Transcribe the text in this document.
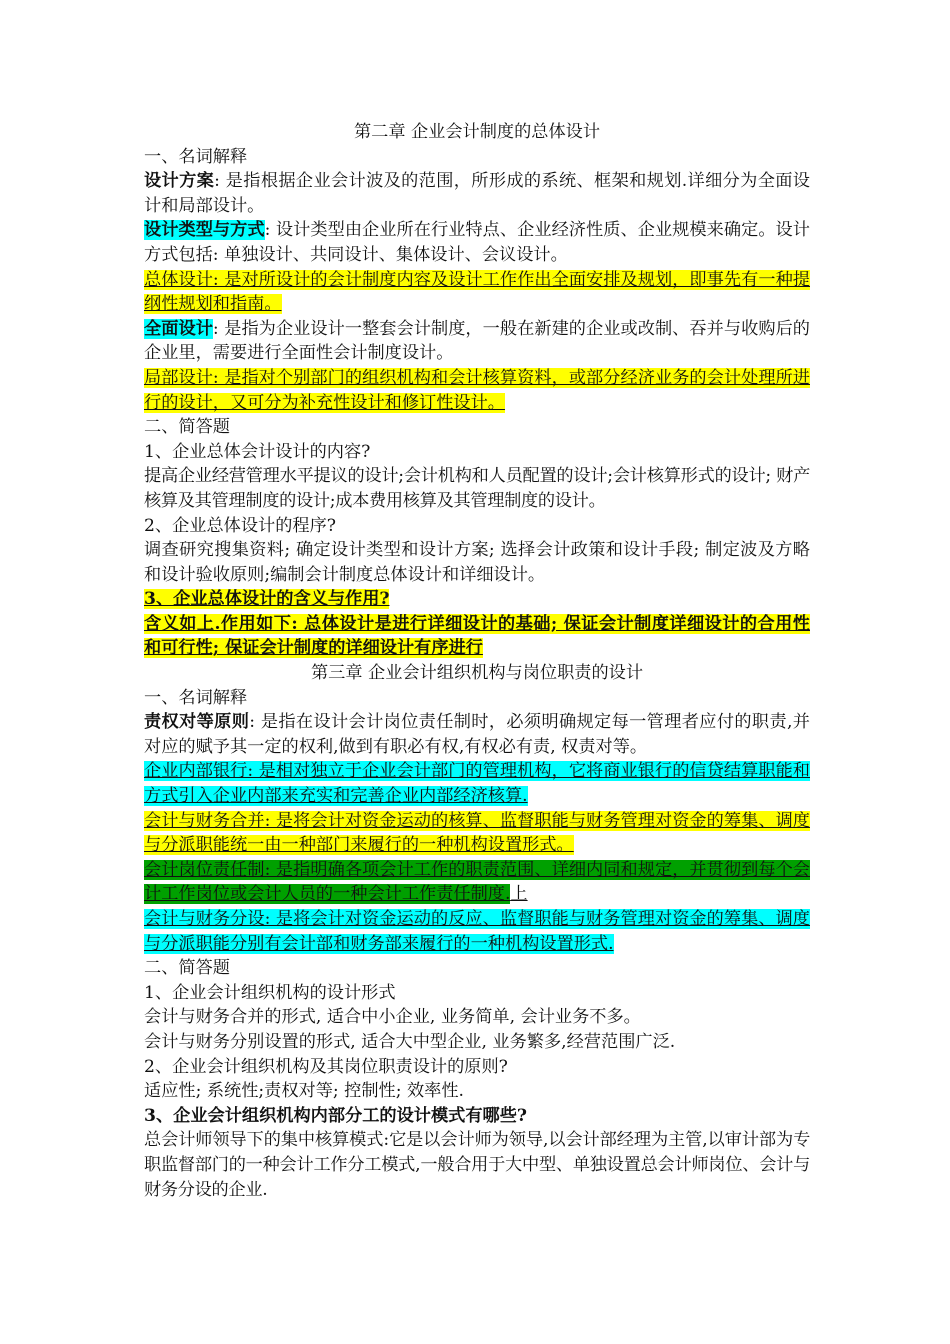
第二章 企业会计制度的总体设计

一、名词解释

设计方案: 是指根据企业会计波及的范围，所形成的系统、框架和规划.详细分为全面设计和局部设计。

设计类型与方式: 设计类型由企业所在行业特点、企业经济性质、企业规模来确定。设计方式包括: 单独设计、共同设计、集体设计、会议设计。

总体设计: 是对所设计的会计制度内容及设计工作作出全面安排及规划，即事先有一种提纲性规划和指南。

全面设计: 是指为企业设计一整套会计制度，一般在新建的企业或改制、吞并与收购后的企业里，需要进行全面性会计制度设计。

局部设计: 是指对个别部门的组织机构和会计核算资料，或部分经济业务的会计处理所进行的设计，又可分为补充性设计和修订性设计。

二、简答题

1、企业总体会计设计的内容?

提高企业经营管理水平提议的设计;会计机构和人员配置的设计;会计核算形式的设计; 财产核算及其管理制度的设计;成本费用核算及其管理制度的设计。

2、企业总体设计的程序?

调查研究搜集资料; 确定设计类型和设计方案; 选择会计政策和设计手段; 制定波及方略和设计验收原则;编制会计制度总体设计和详细设计。

3、企业总体设计的含义与作用?

含义如上.作用如下: 总体设计是进行详细设计的基础; 保证会计制度详细设计的合用性和可行性; 保证会计制度的详细设计有序进行

第三章 企业会计组织机构与岗位职责的设计

一、名词解释

责权对等原则: 是指在设计会计岗位责任制时，必须明确规定每一管理者应付的职责,并对应的赋予其一定的权利,做到有职必有权,有权必有责, 权责对等。

企业内部银行: 是相对独立于企业会计部门的管理机构，它将商业银行的信贷结算职能和方式引入企业内部来充实和完善企业内部经济核算.

会计与财务合并: 是将会计对资金运动的核算、监督职能与财务管理对资金的筹集、调度与分派职能统一由一种部门来履行的一种机构设置形式。

会计岗位责任制: 是指明确各项会计工作的职责范围、详细内同和规定，并贯彻到每个会计工作岗位或会计人员的一种会计工作责任制度.上

会计与财务分设: 是将会计对资金运动的反应、监督职能与财务管理对资金的筹集、调度与分派职能分别有会计部和财务部来履行的一种机构设置形式.

二、简答题

1、企业会计组织机构的设计形式

会计与财务合并的形式, 适合中小企业, 业务简单, 会计业务不多。

会计与财务分别设置的形式, 适合大中型企业, 业务繁多,经营范围广泛.

2、企业会计组织机构及其岗位职责设计的原则?

适应性; 系统性;责权对等; 控制性; 效率性.

3、企业会计组织机构内部分工的设计模式有哪些?

总会计师领导下的集中核算模式:它是以会计师为领导,以会计部经理为主管,以审计部为专职监督部门的一种会计工作分工模式,一般合用于大中型、单独设置总会计师岗位、会计与财务分设的企业.
